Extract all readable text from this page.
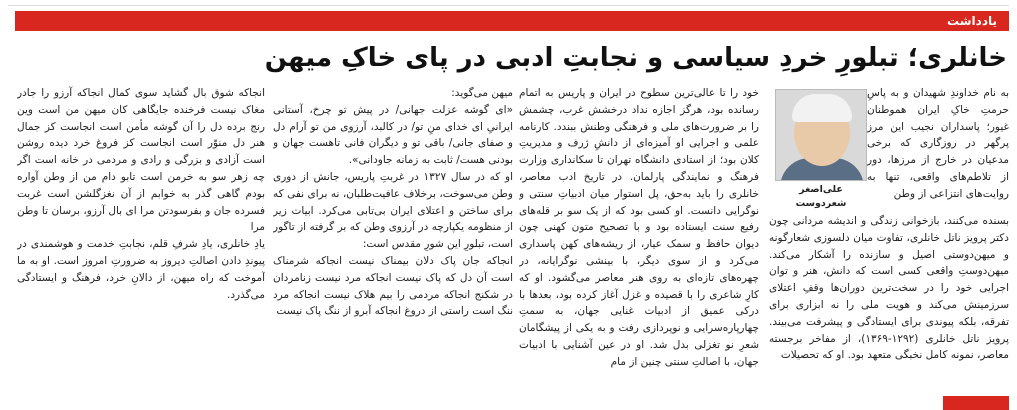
یادداشت
خانلری؛ تبلورِ خردِ سیاسی و نجابتِ ادبی در پای خاکِ میهن
علی‌اصغر شعردوست

به نام خداوندِ شهیدان و به پاسِ حرمتِ خاکِ ایران هموطنان غیور؛ پاسداران نجیب این مرز پرگهر در روزگاری که برخی مدعیان در خارج از مرزها، دور از تلاطم‌های واقعی، تنها به روایت‌های انتزاعی از وطن

بسنده می‌کنند، بازخوانی زندگی و اندیشه مردانی چون دکتر پرویز ناتل خانلری، تفاوت میان دلسوزی شعارگونه و میهن‌دوستی اصیل و سازنده را آشکار می‌کند. میهن‌دوستِ واقعی کسی است که دانش، هنر و توان اجرایی خود را در سخت‌ترین دوران‌ها وقفِ اعتلای سرزمینش می‌کند و هویت ملی را نه ابزاری برای تفرقه، بلکه پیوندی برای ایستادگی و پیشرفت می‌بیند. پرویز ناتل خانلری (۱۲۹۲-۱۳۶۹)، از مفاخر برجسته معاصر، نمونه کامل نخبگی متعهد بود. او که تحصیلات

خود را تا عالی‌ترین سطوح در ایران و پاریس به اتمام رسانده بود، هرگز اجازه نداد درخشش غرب، چشمش را بر ضرورت‌های ملی و فرهنگی وطنش ببندد. کارنامه علمی و اجرایی او آمیزه‌ای از دانشِ ژرف و مدیریتِ کلان بود؛ از استادی دانشگاه تهران تا سکانداری وزارت فرهنگ و نمایندگی پارلمان. در تاریخ ادب معاصر، خانلری را باید به‌حق، پل استوار میان ادبیاتِ سنتی و نوگرایی دانست. او کسی بود که از یک سو بر قله‌های رفیع سنت ایستاده بود و با تصحیح متون کهنی چون دیوان حافظ و سمک عیار، از ریشه‌های کهن پاسداری می‌کرد و از سوی دیگر، با بینشی نوگرایانه، در چهره‌های تازه‌ای به روی هنر معاصر می‌گشود. او که کارِ شاعری را با قصیده و غزل آغاز کرده بود، بعدها با درکی عمیق از ادبیات غنایی جهان، به سمتِ چهارپاره‌سرایی و نوپردازی رفت و به یکی از پیشگامان شعرِ نو تغزلی بدل شد. او در عین آشنایی با ادبیات جهان، با اصالتِ سنتی چنین از مام

میهن می‌گوید:

«ای گوشه عزلت جهانی/ در پیش تو چرخ، آستانی ایرانیِ ای خدای منِ تو/ در کالبد، آرزوی من تو آرام دل و صفای جانی/ باقی تو و دیگران فانی تاهست جهان و بودنی هست/ ثابت به زمانه جاودانی».

او که در سال ۱۳۲۷ در غربتِ پاریس، جانش از دوری وطن می‌سوخت، برخلاف عافیت‌طلبان، نه برای نفی که برای ساختن و اعتلای ایران بی‌تابی می‌کرد. ابیات زیر از منظومه یکپارچه در آرزوی وطن که بر گرفته از تاگور است، تبلورِ این شورِ مقدس است:

انجاکه جان پاک دلان بیمناک نیست انجاکه شرمناک است آن دل که پاک نیست انجاکه مرد نیست زنامردان در شکنج انجاکه مردمی را بیم هلاک نیست انجاکه مرد ننگ است راستی از دروغ انجاکه آبرو از ننگ پاک نیست

انجاکه شوق بال گشاید سوی کمال انجاکه آرزو را جادر مغاک نیست فرخنده جایگاهی کان میهن من است وین رنج برده دل را آن گوشه مأمن است انجاست کز جمال هنر دل منوّر است انجاست کز فروغ خرد دیده روشن است آزادی و بزرگی و رادی و مردمی در خانه است اگر چه زهر سو به خرمن است تابو دام من از وطن آواره بودم گاهی گذر به خوابم از آن نغزگلشن است غربت فسرده جان و بفرسودتن مرا ای بال آرزو، برسان تا وطن مرا

یادِ خانلری، یادِ شرفِ قلم، نجابتِ خدمت و هوشمندی در پیوندِ دادن اصالتِ دیروز به ضرورتِ امروز است. او به ما آموخت که راه میهن، از دالانِ خرد، فرهنگ و ایستادگی می‌گذرد.
